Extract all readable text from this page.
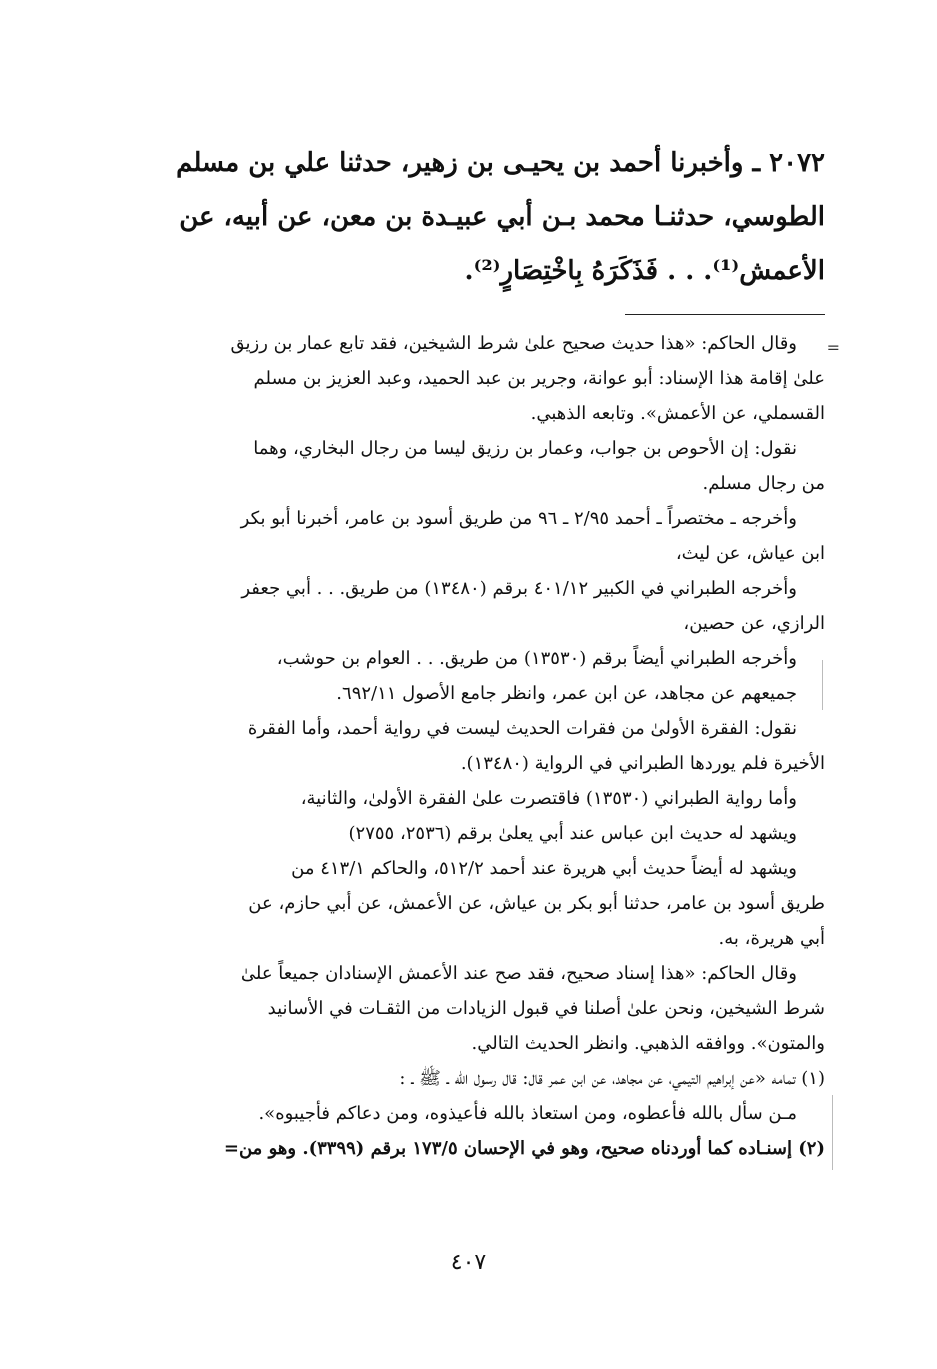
٢٠٧٢ ـ وأخبرنا أحمد بن يحيـى بن زهير، حدثنا علي بن مسلم
الطوسي، حدثنـا محمد بـن أبي عبيـدة بن معن، عن أبيه، عن
الأعمش⁽¹⁾. . . فَذَكَرَهُ بِاخْتِصَارٍ⁽²⁾.
=
وقال الحاكم: «هذا حديث صحيح علىٰ شرط الشيخين، فقد تابع عمار بن رزيق
علىٰ إقامة هذا الإسناد: أبو عوانة، وجرير بن عبد الحميد، وعبد العزيز بن مسلم
القسملي، عن الأعمش». وتابعه الذهبي.
نقول: إن الأحوص بن جواب، وعمار بن رزيق ليسا من رجال البخاري، وهما
من رجال مسلم.
وأخرجه ـ مختصراً ـ أحمد ٢/٩٥ ـ ٩٦ من طريق أسود بن عامر، أخبرنا أبو بكر
ابن عياش، عن ليث،
وأخرجه الطبراني في الكبير ٤٠١/١٢ برقم (١٣٤٨٠) من طريق. . . أبي جعفر
الرازي، عن حصين،
وأخرجه الطبراني أيضاً برقم (١٣٥٣٠) من طريق. . . العوام بن حوشب،
جميعهم عن مجاهد، عن ابن عمر، وانظر جامع الأصول ٦٩٢/١١.
نقول: الفقرة الأولىٰ من فقرات الحديث ليست في رواية أحمد، وأما الفقرة
الأخيرة فلم يوردها الطبراني في الرواية (١٣٤٨٠).
وأما رواية الطبراني (١٣٥٣٠) فاقتصرت علىٰ الفقرة الأولىٰ، والثانية،
ويشهد له حديث ابن عباس عند أبي يعلىٰ برقم (٢٥٣٦، ٢٧٥٥)
ويشهد له أيضاً حديث أبي هريرة عند أحمد ٥١٢/٢، والحاكم ٤١٣/١ من
طريق أسود بن عامر، حدثنا أبو بكر بن عياش، عن الأعمش، عن أبي حازم، عن
أبي هريرة، به.
وقال الحاكم: «هذا إسناد صحيح، فقد صح عند الأعمش الإسنادان جميعاً علىٰ
شرط الشيخين، ونحن علىٰ أصلنا في قبول الزيادات من الثقـات في الأسانيد
والمتون». ووافقه الذهبي. وانظر الحديث التالي.
(١) تمامه «عن إبراهيم التيمي، عن مجاهد، عن ابن عمر قال: قال رسول الله ـ ﷺ ـ :
مـن سأل بالله فأعطوه، ومن استعاذ بالله فأعيذوه، ومن دعاكم فأجيبوه».
(٢) إسنـاده كما أوردناه صحيح، وهو في الإحسان ١٧٣/٥ برقم (٣٣٩٩). وهو من=
٤٠٧
